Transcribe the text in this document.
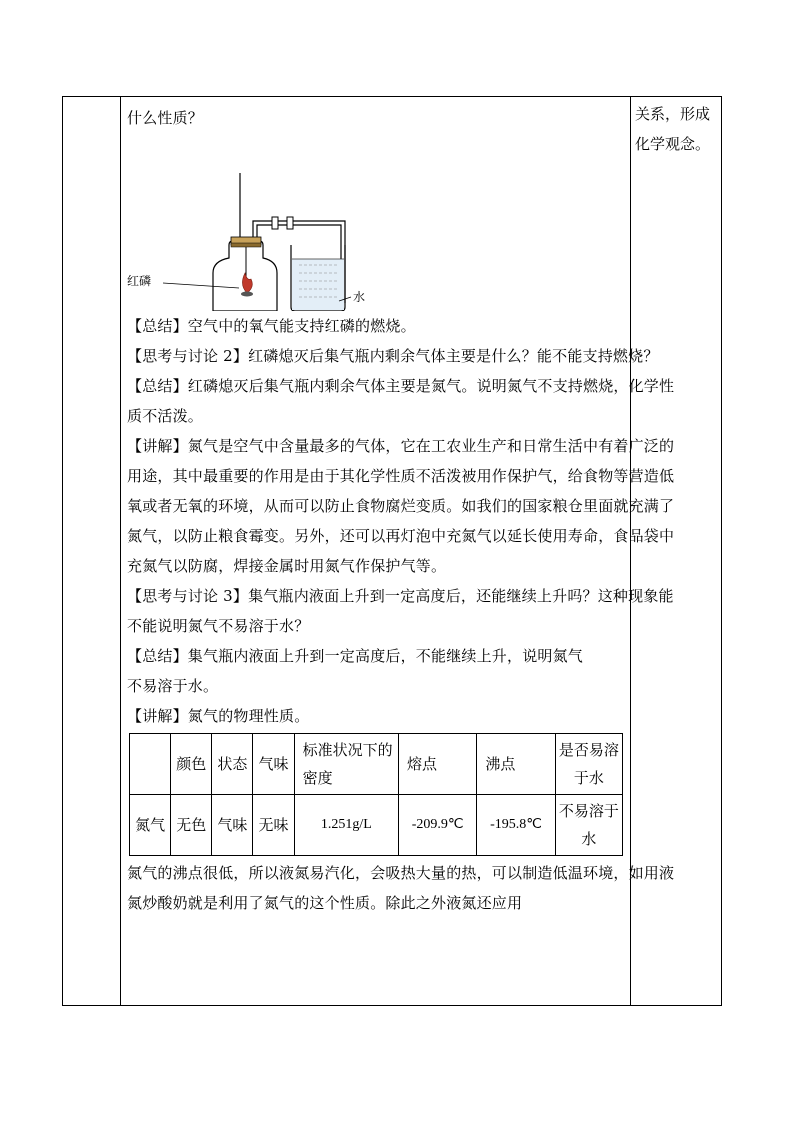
什么性质？

红磷
水

【总结】空气中的氧气能支持红磷的燃烧。

【思考与讨论 2】红磷熄灭后集气瓶内剩余气体主要是什么？能不能支持燃烧？

【总结】红磷熄灭后集气瓶内剩余气体主要是氮气。说明氮气不支持燃烧，化学性质不活泼。

【讲解】氮气是空气中含量最多的气体，它在工农业生产和日常生活中有着广泛的用途，其中最重要的作用是由于其化学性质不活泼被用作保护气，给食物等营造低氧或者无氧的环境，从而可以防止食物腐烂变质。如我们的国家粮仓里面就充满了氮气，以防止粮食霉变。另外，还可以再灯泡中充氮气以延长使用寿命，食品袋中充氮气以防腐，焊接金属时用氮气作保护气等。

【思考与讨论 3】集气瓶内液面上升到一定高度后，还能继续上升吗？这种现象能不能说明氮气不易溶于水？

【总结】集气瓶内液面上升到一定高度后，不能继续上升，说明氮气

不易溶于水。

【讲解】氮气的物理性质。

	颜色	状态	气味	标准状况下的密度	熔点	沸点	是否易溶于水
氮气	无色	气味	无味	1.251g/L	-209.9℃	-195.8℃	不易溶于水

氮气的沸点很低，所以液氮易汽化，会吸热大量的热，可以制造低温环境，如用液氮炒酸奶就是利用了氮气的这个性质。除此之外液氮还应用

关系，形成化学观念。
